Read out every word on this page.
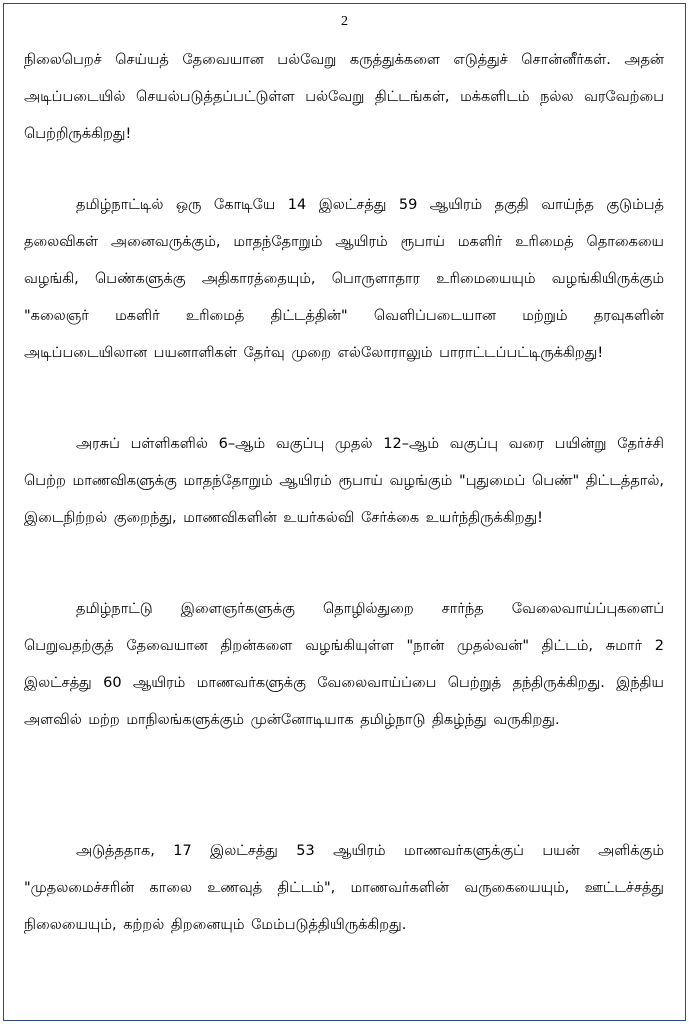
2

நிலைபெறச் செய்யத் தேவையான பல்வேறு கருத்துக்களை எடுத்துச் சொன்னீர்கள். அதன் அடிப்படையில் செயல்படுத்தப்பட்டுள்ள பல்வேறு திட்டங்கள், மக்களிடம் நல்ல வரவேற்பை பெற்றிருக்கிறது!

தமிழ்நாட்டில் ஒரு கோடியே 14 இலட்சத்து 59 ஆயிரம் தகுதி வாய்ந்த குடும்பத் தலைவிகள் அனைவருக்கும், மாதந்தோறும் ஆயிரம் ரூபாய் மகளிர் உரிமைத் தொகையை வழங்கி, பெண்களுக்கு அதிகாரத்தையும், பொருளாதார உரிமையையும் வழங்கியிருக்கும் "கலைஞர் மகளிர் உரிமைத் திட்டத்தின்" வெளிப்படையான மற்றும் தரவுகளின் அடிப்படையிலான பயனாளிகள் தேர்வு முறை எல்லோராலும் பாராட்டப்பட்டிருக்கிறது!

அரசுப் பள்ளிகளில் 6–ஆம் வகுப்பு முதல் 12–ஆம் வகுப்பு வரை பயின்று தேர்ச்சி பெற்ற மாணவிகளுக்கு மாதந்தோறும் ஆயிரம் ரூபாய் வழங்கும் "புதுமைப் பெண்" திட்டத்தால், இடைநிற்றல் குறைந்து, மாணவிகளின் உயர்கல்வி சேர்க்கை உயர்ந்திருக்கிறது!

தமிழ்நாட்டு இளைஞர்களுக்கு தொழில்துறை சார்ந்த வேலைவாய்ப்புகளைப் பெறுவதற்குத் தேவையான திறன்களை வழங்கியுள்ள "நான் முதல்வன்" திட்டம், சுமார் 2 இலட்சத்து 60 ஆயிரம் மாணவர்களுக்கு வேலைவாய்ப்பை பெற்றுத் தந்திருக்கிறது. இந்திய அளவில் மற்ற மாநிலங்களுக்கும் முன்னோடியாக தமிழ்நாடு திகழ்ந்து வருகிறது.

அடுத்ததாக, 17 இலட்சத்து 53 ஆயிரம் மாணவர்களுக்குப் பயன் அளிக்கும் "முதலமைச்சரின் காலை உணவுத் திட்டம்", மாணவர்களின் வருகையையும், ஊட்டச்சத்து நிலையையும், கற்றல் திறனையும் மேம்படுத்தியிருக்கிறது.
